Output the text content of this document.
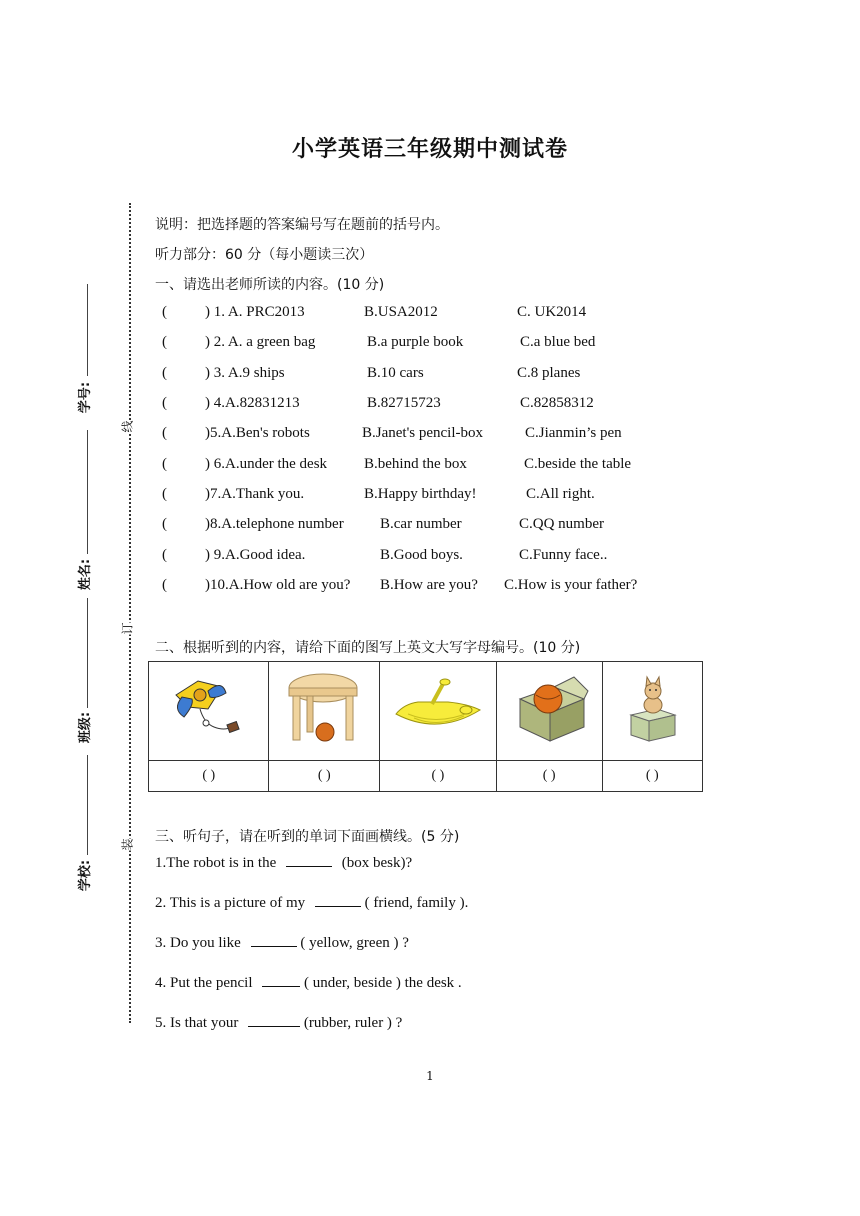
小学英语三年级期中测试卷
线
订
装
学号:
姓名:
班级:
学校:
说明：把选择题的答案编号写在题前的括号内。
听力部分：60 分（每小题读三次）
一、请选出老师所读的内容。(10 分)
(	) 1. A. PRC2013	B.USA2012	C. UK2014
(	) 2. A. a green bag	B.a purple book	C.a blue bed
(	) 3. A.9 ships	B.10 cars	C.8 planes
(	) 4.A.82831213	B.82715723	C.82858312
(	)5.A.Ben's robots	B.Janet's pencil-box	C.Jianmin’s pen
(	) 6.A.under the desk B.behind the box	C.beside the table
(	)7.A.Thank you.	B.Happy birthday!	C.All right.
(	)8.A.telephone number B.car number	C.QQ number
(	) 9.A.Good idea.	B.Good boys.	C.Funny face..
(	)10.A.How old are you? B.How are you? C.How is your father?
二、根据听到的内容，请给下面的图写上英文大写字母编号。(10 分)

( )	( )	( )	( )	( )
三、听句子，请在听到的单词下面画横线。(5 分)
1.The robot is in the	(box besk)?
2. This is a picture of my	( friend, family ).
3. Do you like	( yellow, green ) ?
4. Put the pencil	( under, beside ) the desk .
5. Is that your	(rubber, ruler ) ?
1
